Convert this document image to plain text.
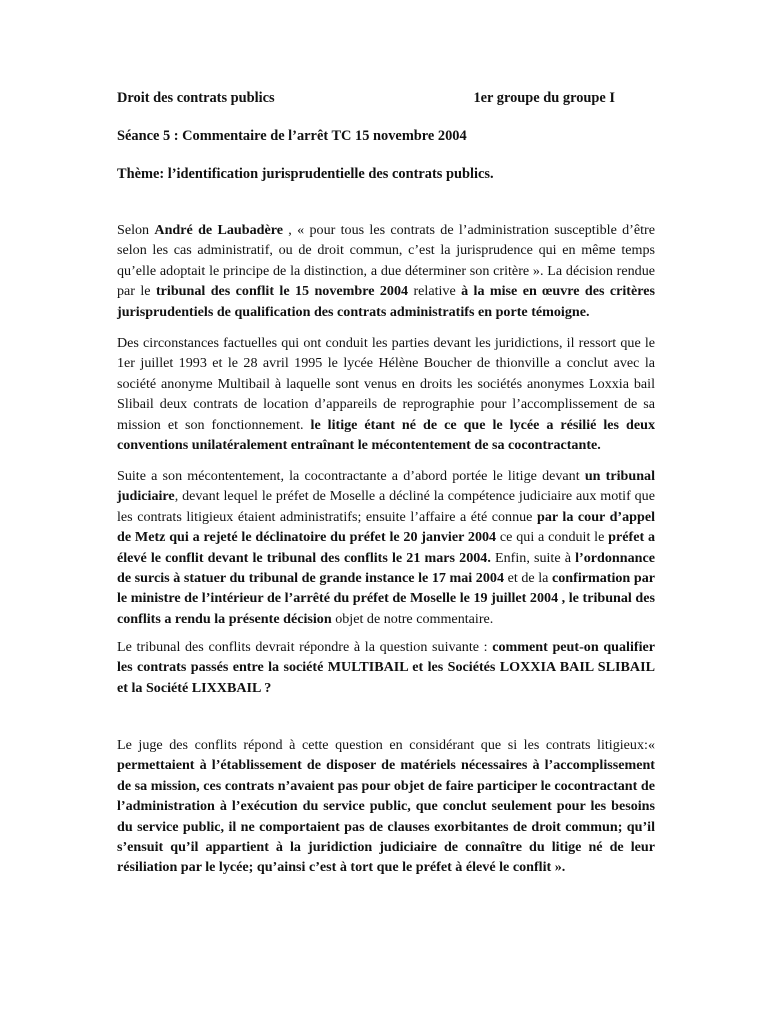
Droit des contrats publics	1er groupe du groupe I
Séance 5 : Commentaire de l’arrêt TC 15 novembre 2004
Thème: l’identification jurisprudentielle des contrats publics.

Selon André de Laubadère , « pour tous les contrats de l’administration susceptible d’être selon les cas administratif, ou de droit commun, c’est la jurisprudence qui en même temps qu’elle adoptait le principe de la distinction, a due déterminer son critère ». La décision rendue par le tribunal des conflit le 15 novembre 2004 relative à la mise en œuvre des critères jurisprudentiels de qualification des contrats administratifs en porte témoigne.

Des circonstances factuelles qui ont conduit les parties devant les juridictions, il ressort que le 1er juillet 1993 et le 28 avril 1995 le lycée Hélène Boucher de thionville a conclut avec la société anonyme Multibail à laquelle sont venus en droits les sociétés anonymes Loxxia bail Slibail deux contrats de location d’appareils de reprographie pour l’accomplissement de sa mission et son fonctionnement. le litige étant né de ce que le lycée a résilié les deux conventions unilatéralement entraînant le mécontentement de sa cocontractante.

Suite a son mécontentement, la cocontractante a d’abord portée le litige devant un tribunal judiciaire, devant lequel le préfet de Moselle a décliné la compétence judiciaire aux motif que les contrats litigieux étaient administratifs; ensuite l’affaire a été connue par la cour d’appel de Metz qui a rejeté le déclinatoire du préfet le 20 janvier 2004 ce qui a conduit le préfet a élevé le conflit devant le tribunal des conflits le 21 mars 2004. Enfin, suite à l’ordonnance de surcis à statuer du tribunal de grande instance le 17 mai 2004 et de la confirmation par le ministre de l’intérieur de l’arrêté du préfet de Moselle le 19 juillet 2004 , le tribunal des conflits a rendu la présente décision objet de notre commentaire.

Le tribunal des conflits devrait répondre à la question suivante : comment peut-on qualifier les contrats passés entre la société MULTIBAIL et les Sociétés LOXXIA BAIL SLIBAIL et la Société LIXXBAIL ?

Le juge des conflits répond à cette question en considérant que si les contrats litigieux:« permettaient à l’établissement de disposer de matériels nécessaires à l’accomplissement de sa mission, ces contrats n’avaient pas pour objet de faire participer le cocontractant de l’administration à l’exécution du service public, que conclut seulement pour les besoins du service public, il ne comportaient pas de clauses exorbitantes de droit commun; qu’il s’ensuit qu’il appartient à la juridiction judiciaire de connaître du litige né de leur résiliation par le lycée; qu’ainsi c’est à tort que le préfet à élevé le conflit ».
